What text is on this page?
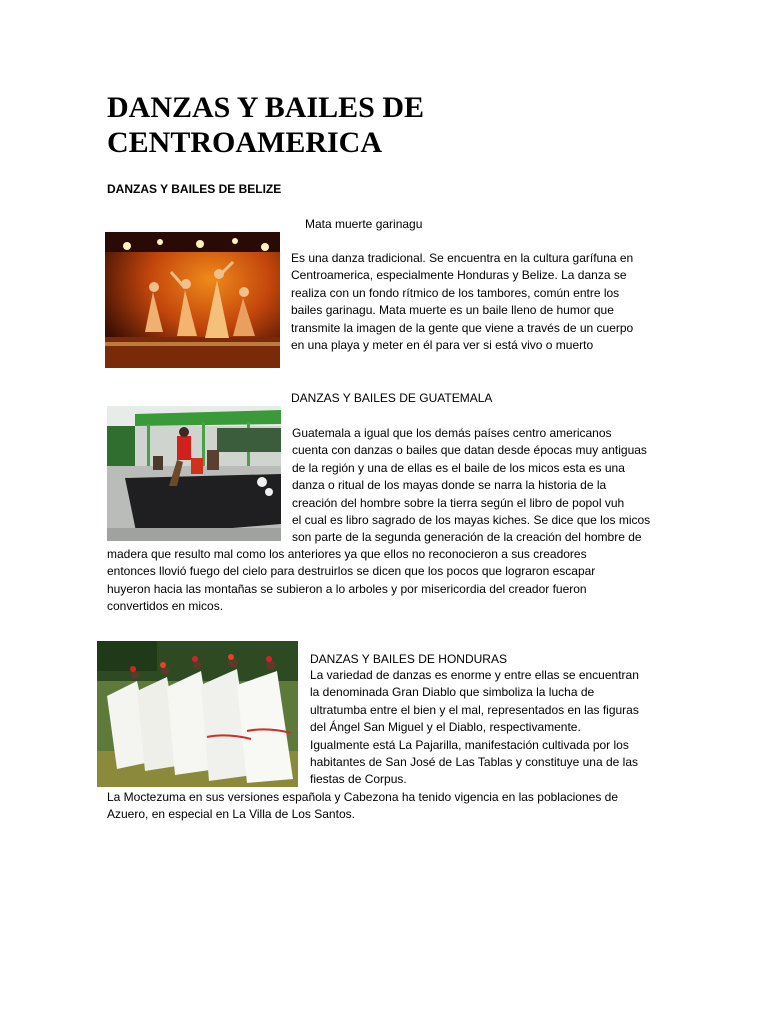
DANZAS Y BAILES DE
CENTROAMERICA
DANZAS Y BAILES DE BELIZE
Mata muerte garinagu

Es una danza tradicional. Se encuentra en la cultura garífuna en

Centroamerica, especialmente Honduras y Belize. La danza se

realiza con un fondo rítmico de los tambores, común entre los

bailes garinagu. Mata muerte es un baile lleno de humor que

transmite la imagen de la gente que viene a través de un cuerpo

en una playa y meter en él para ver si está vivo o muerto

DANZAS Y BAILES DE GUATEMALA

Guatemala a igual que los demás países centro americanos

cuenta con danzas o bailes que datan desde épocas muy antiguas

de la región y una de ellas es el baile de los micos esta es una

danza o ritual de los mayas donde se narra la historia de la

creación del hombre sobre la tierra según el libro de popol vuh

el cual es libro sagrado de los mayas kiches. Se dice que los micos

son parte de la segunda generación de la creación del hombre de

madera que resulto mal como los anteriores ya que ellos no reconocieron a sus creadores

entonces llovió fuego del cielo para destruirlos se dicen que los pocos que lograron escapar

huyeron hacia las montañas se subieron a lo arboles y por misericordia del creador fueron

convertidos en micos.

DANZAS Y BAILES DE HONDURAS

La variedad de danzas es enorme y entre ellas se encuentran

la denominada Gran Diablo que simboliza la lucha de

ultratumba entre el bien y el mal, representados en las figuras

del Ángel San Miguel y el Diablo, respectivamente.

Igualmente está La Pajarilla, manifestación cultivada por los

habitantes de San José de Las Tablas y constituye una de las

fiestas de Corpus.

La Moctezuma en sus versiones española y Cabezona ha tenido vigencia en las poblaciones de

Azuero, en especial en La Villa de Los Santos.
